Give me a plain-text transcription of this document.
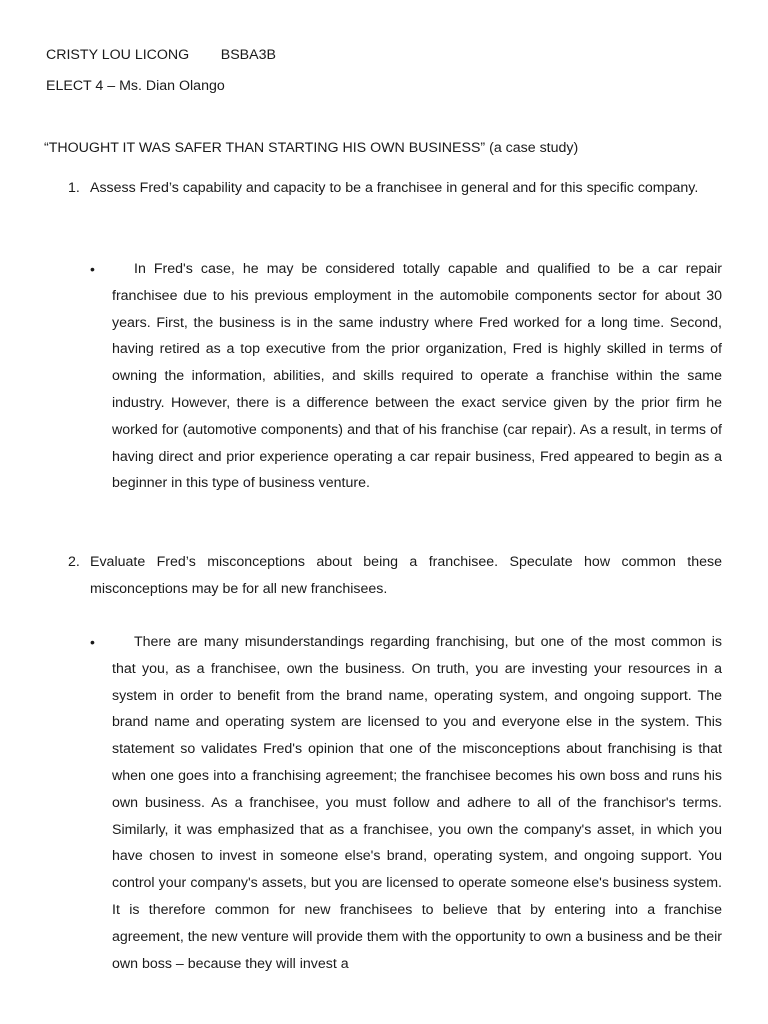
CRISTY LOU LICONG        BSBA3B
ELECT 4 – Ms. Dian Olango
“THOUGHT IT WAS SAFER THAN STARTING HIS OWN BUSINESS” (a case study)
1. Assess Fred’s capability and capacity to be a franchisee in general and for this specific company.
•	In Fred's case, he may be considered totally capable and qualified to be a car repair franchisee due to his previous employment in the automobile components sector for about 30 years. First, the business is in the same industry where Fred worked for a long time. Second, having retired as a top executive from the prior organization, Fred is highly skilled in terms of owning the information, abilities, and skills required to operate a franchise within the same industry. However, there is a difference between the exact service given by the prior firm he worked for (automotive components) and that of his franchise (car repair). As a result, in terms of having direct and prior experience operating a car repair business, Fred appeared to begin as a beginner in this type of business venture.
2. Evaluate Fred’s misconceptions about being a franchisee. Speculate how common these misconceptions may be for all new franchisees.
•	There are many misunderstandings regarding franchising, but one of the most common is that you, as a franchisee, own the business. On truth, you are investing your resources in a system in order to benefit from the brand name, operating system, and ongoing support. The brand name and operating system are licensed to you and everyone else in the system. This statement so validates Fred's opinion that one of the misconceptions about franchising is that when one goes into a franchising agreement; the franchisee becomes his own boss and runs his own business. As a franchisee, you must follow and adhere to all of the franchisor's terms. Similarly, it was emphasized that as a franchisee, you own the company's asset, in which you have chosen to invest in someone else's brand, operating system, and ongoing support. You control your company's assets, but you are licensed to operate someone else's business system. It is therefore common for new franchisees to believe that by entering into a franchise agreement, the new venture will provide them with the opportunity to own a business and be their own boss – because they will invest a
